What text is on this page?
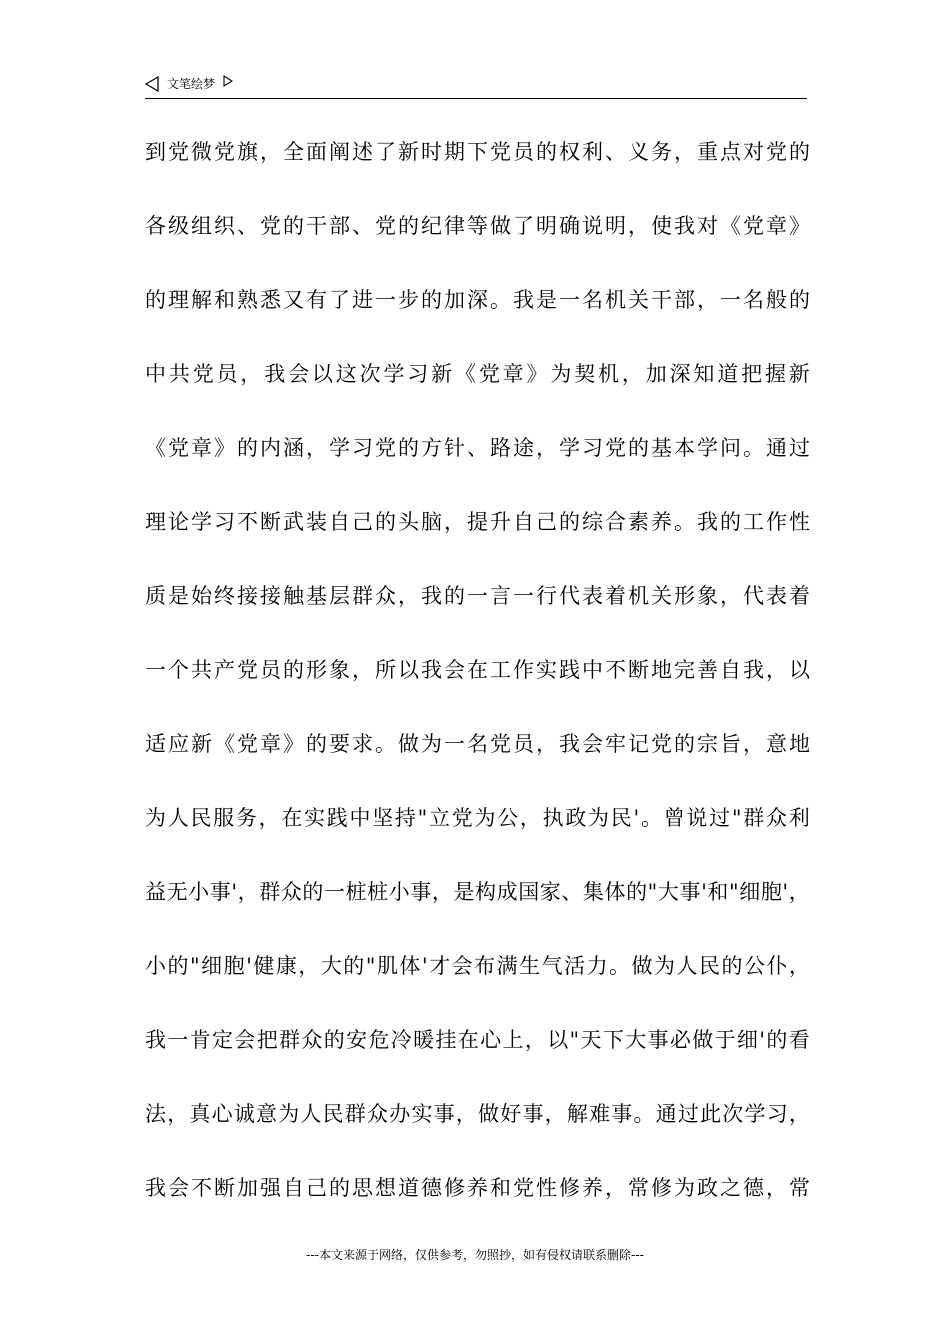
文笔绘梦
到 党 微 党 旗 ， 全 面 阐 述 了 新 时 期 下 党 员 的 权 利 、 义 务 ， 重 点 对 党 的
各 级 组 织 、 党 的 干 部 、 党 的 纪 律 等 做 了 明 确 说 明 ， 使 我 对 《 党 章 》
的 理 解 和 熟 悉 又 有 了 进 一 步 的 加 深 。 我 是 一 名 机 关 干 部 ， 一 名 般 的
中 共 党 员 ， 我 会 以 这 次 学 习 新 《 党 章 》 为 契 机 ， 加 深 知 道 把 握 新
《 党 章 》 的 内 涵 ， 学 习 党 的 方 针 、 路 途 ， 学 习 党 的 基 本 学 问 。 通 过
理 论 学 习 不 断 武 装 自 己 的 头 脑 ， 提 升 自 己 的 综 合 素 养 。 我 的 工 作 性
质 是 始 终 接 接 触 基 层 群 众 ， 我 的 一 言 一 行 代 表 着 机 关 形 象 ， 代 表 着
一 个 共 产 党 员 的 形 象 ， 所 以 我 会 在 工 作 实 践 中 不 断 地 完 善 自 我 ， 以
适 应 新 《 党 章 》 的 要 求 。 做 为 一 名 党 员 ， 我 会 牢 记 党 的 宗 旨 ， 意 地
为 人 民 服 务 ， 在 实 践 中 坚 持 " 立 党 为 公 ， 执 政 为 民 ' 。 曾 说 过 " 群 众 利
益 无 小 事 ' ， 群 众 的 一 桩 桩 小 事 ， 是 构 成 国 家 、 集 体 的 " 大 事 ' 和 " 细 胞 ' ，
小 的 " 细 胞 ' 健 康 ， 大 的 " 肌 体 ' 才 会 布 满 生 气 活 力 。 做 为 人 民 的 公 仆 ，
我 一 肯 定 会 把 群 众 的 安 危 冷 暖 挂 在 心 上 ， 以 " 天 下 大 事 必 做 于 细 ' 的 看
法 ， 真 心 诚 意 为 人 民 群 众 办 实 事 ， 做 好 事 ， 解 难 事 。 通 过 此 次 学 习 ，
我 会 不 断 加 强 自 己 的 思 想 道 德 修 养 和 党 性 修 养 ， 常 修 为 政 之 德 ， 常
---本文来源于网络，仅供参考，勿照抄，如有侵权请联系删除---
